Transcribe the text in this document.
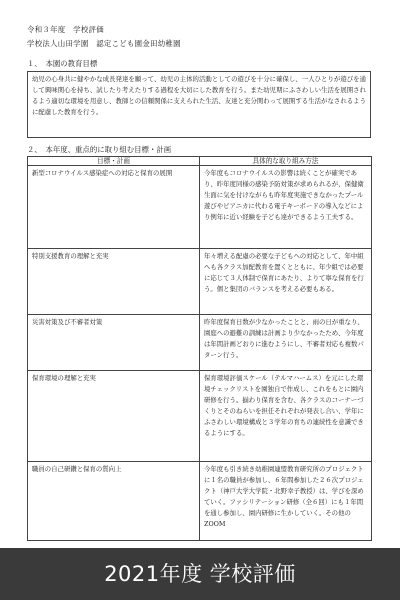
令和３年度　学校評価
学校法人山田学園　認定こども園金田幼稚園
１、　本園の教育目標
幼児の心身共に健やかな成長発達を願って、幼児の主体的活動としての遊びを十分に確保し、一人ひとりが遊びを通して興味関心を持ち、試したり考えたりする過程を大切にした教育を行う。また幼児期にふさわしい生活を展開されるよう適切な環境を用意し、教師との信頼関係に支えられた生活、友達と充分関わって展開する生活がなされるように配慮した教育を行う。
２、　本年度、重点的に取り組む目標・計画
目標・計画	具体的な取り組み方法
新型コロナウイルス感染症への対応と保育の展開	今年度もコロナウイルスの影響は続くことが確実であり、昨年度同様の感染予防対策が求められるが、保健衛生面に気を付けながらも昨年度実施できなかったプール遊びやピアニカに代わる電子キーボードの導入などにより例年に近い経験を子ども達ができるよう工夫する。
特別支援教育の理解と充実	年々増える配慮の必要な子どもへの対応として、年中組へも各クラス加配教育を置くとともに、年少組では必要に応じて３人体制で保育にあたり、よりて寧な保育を行う。個と集団のバランスを考える必要もある。
災害対策及び不審者対策	昨年度保育日数が少なかったことと、雨の日が重なり、園庭への避難の訓練は計画より少なかったため、今年度は年間計画どおりに進むようにし、不審者対応も複数パターン行う。
保育環境の理解と充実	保育環境評価スケール（テルマハームス）を元にした環境チェックリストを園独自で作成し、これをもとに園内研修を行う。揃わり保育を含む、各クラスのコーナーづくりとそのねらいを担任それぞれが発表し合い、学年にふさわしい環境構成と３学年の育ちの連続性を意識できるようにする。
職員の自己研鑽と保育の質向上	今年度も引き続き幼稚園連盟教育研究所のプロジェクトに１名の職員が参加し、６年間参加した２６次プロジェクト（神戸大学大学院・北野幸子教授）は、学びを深めていく。ファシリテーション研修（全６回）にも１年間を通し参加し、園内研修に生かしていく。その他のZOOM
2021年度 学校評価
